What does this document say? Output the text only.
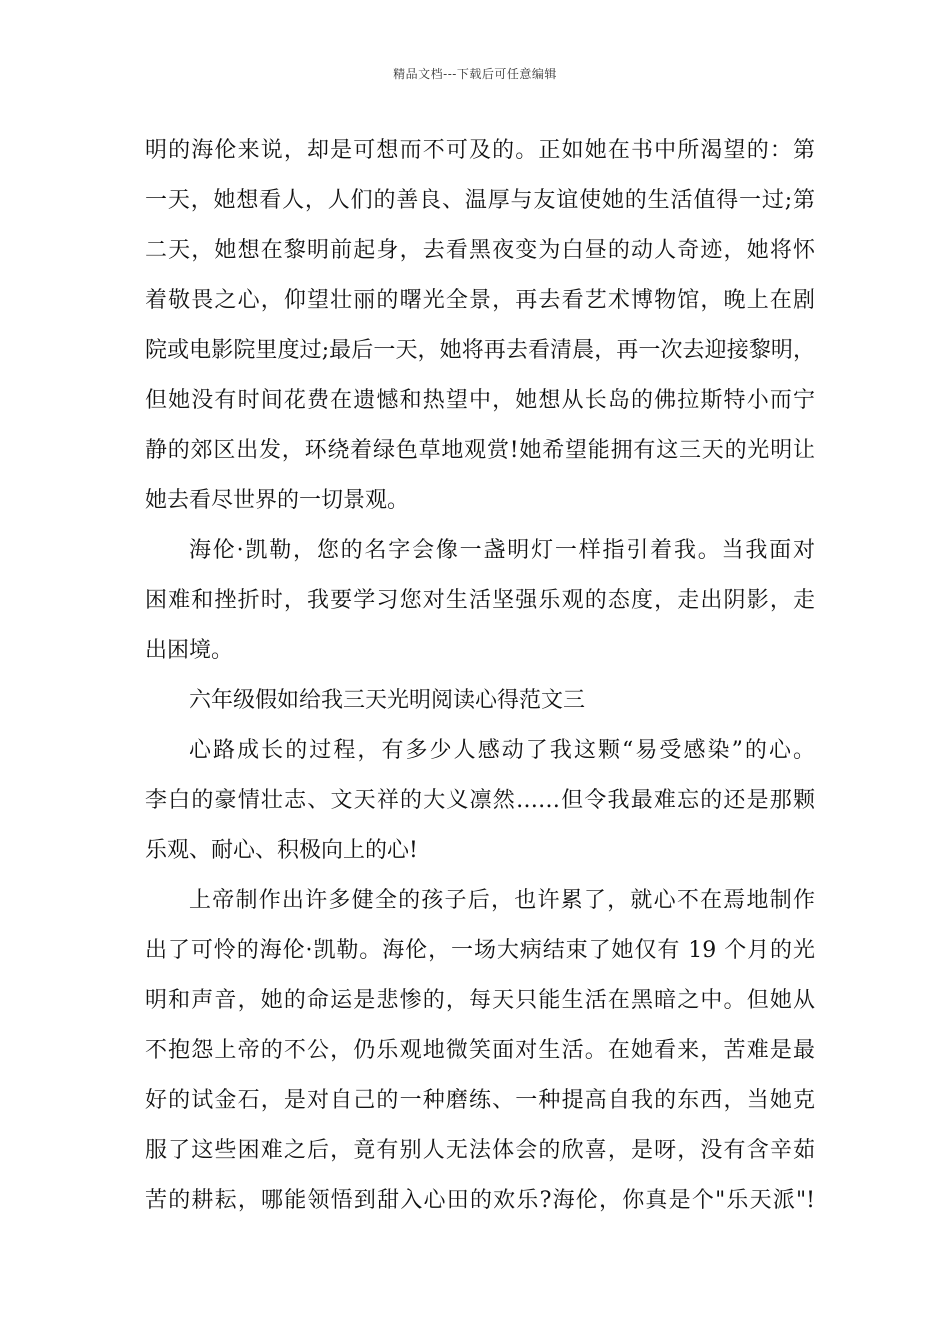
精品文档---下载后可任意编辑
明的海伦来说，却是可想而不可及的。正如她在书中所渴望的：第
一天，她想看人，人们的善良、温厚与友谊使她的生活值得一过;第
二天，她想在黎明前起身，去看黑夜变为白昼的动人奇迹，她将怀
着敬畏之心，仰望壮丽的曙光全景，再去看艺术博物馆，晚上在剧
院或电影院里度过;最后一天，她将再去看清晨，再一次去迎接黎明，
但她没有时间花费在遗憾和热望中，她想从长岛的佛拉斯特小而宁
静的郊区出发，环绕着绿色草地观赏!她希望能拥有这三天的光明让
她去看尽世界的一切景观。
海伦·凯勒，您的名字会像一盏明灯一样指引着我。当我面对
困难和挫折时，我要学习您对生活坚强乐观的态度，走出阴影，走
出困境。
六年级假如给我三天光明阅读心得范文三
心路成长的过程，有多少人感动了我这颗“易受感染”的心。
李白的豪情壮志、文天祥的大义凛然……但令我最难忘的还是那颗
乐观、耐心、积极向上的心!
上帝制作出许多健全的孩子后，也许累了，就心不在焉地制作
出了可怜的海伦·凯勒。海伦，一场大病结束了她仅有 19 个月的光
明和声音，她的命运是悲惨的，每天只能生活在黑暗之中。但她从
不抱怨上帝的不公，仍乐观地微笑面对生活。在她看来，苦难是最
好的试金石，是对自己的一种磨练、一种提高自我的东西，当她克
服了这些困难之后，竟有别人无法体会的欣喜，是呀，没有含辛茹
苦的耕耘，哪能领悟到甜入心田的欢乐?海伦，你真是个"乐天派"!
